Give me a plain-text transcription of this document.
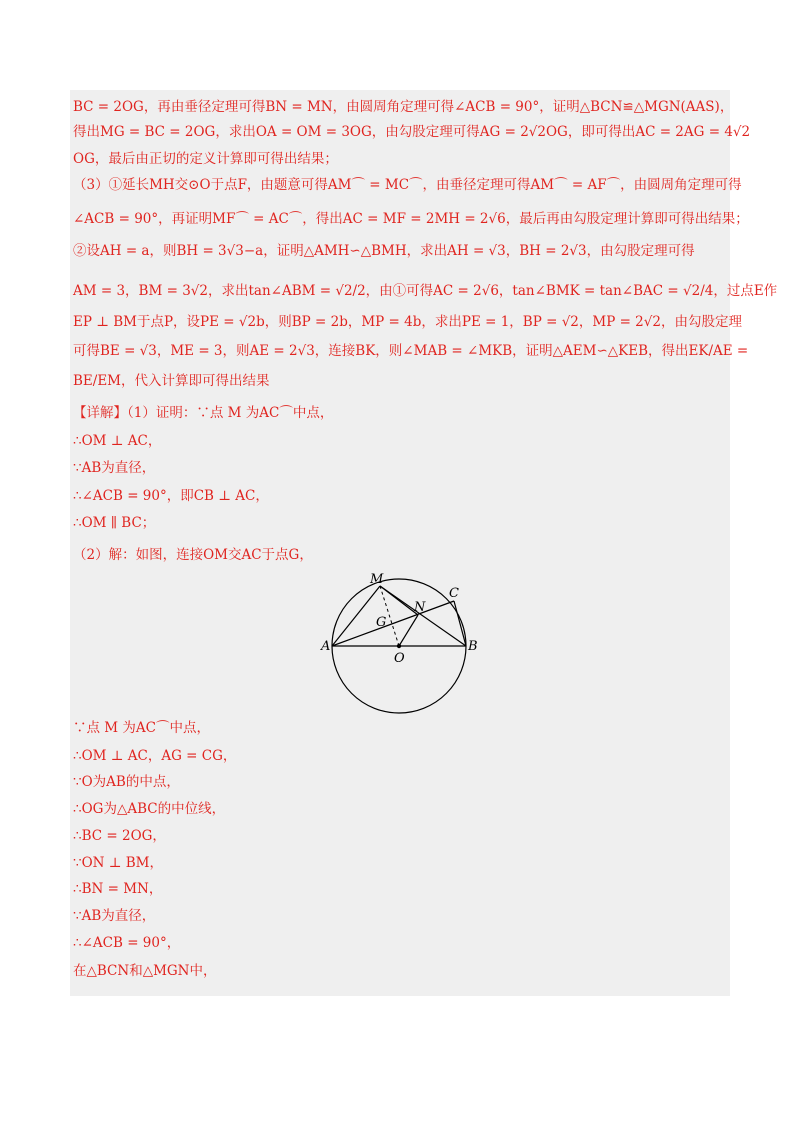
BC = 2OG，再由垂径定理可得BN = MN，由圆周角定理可得∠ACB = 90°，证明△BCN≌△MGN(AAS)，
得出MG = BC = 2OG，求出OA = OM = 3OG，由勾股定理可得AG = 2√2OG，即可得出AC = 2AG = 4√2
OG，最后由正切的定义计算即可得出结果；
（3）①延长MH交⊙O于点F，由题意可得AM⌒ = MC⌒，由垂径定理可得AM⌒ = AF⌒，由圆周角定理可得
∠ACB = 90°，再证明MF⌒ = AC⌒，得出AC = MF = 2MH = 2√6，最后再由勾股定理计算即可得出结果；
②设AH = a，则BH = 3√3−a，证明△AMH∽△BMH，求出AH = √3，BH = 2√3，由勾股定理可得
AM = 3，BM = 3√2，求出tan∠ABM = √2/2，由①可得AC = 2√6，tan∠BMK = tan∠BAC = √2/4，过点E作
EP ⊥ BM于点P，设PE = √2b，则BP = 2b，MP = 4b，求出PE = 1，BP = √2，MP = 2√2，由勾股定理
可得BE = √3，ME = 3，则AE = 2√3，连接BK，则∠MAB = ∠MKB，证明△AEM∽△KEB，得出EK/AE =
BE/EM，代入计算即可得出结果
【详解】（1）证明：∵点 M 为AC⌒中点，
∴OM ⊥ AC，
∵AB为直径，
∴∠ACB = 90°，即CB ⊥ AC，
∴OM ∥ BC；
（2）解：如图，连接OM交AC于点G，
∵点 M 为AC⌒中点，
∴OM ⊥ AC，AG = CG，
∵O为AB的中点，
∴OG为△ABC的中位线，
∴BC = 2OG，
∵ON ⊥ BM，
∴BN = MN，
∵AB为直径，
∴∠ACB = 90°，
在△BCN和△MGN中，
M
C
N
G
A
O
B
